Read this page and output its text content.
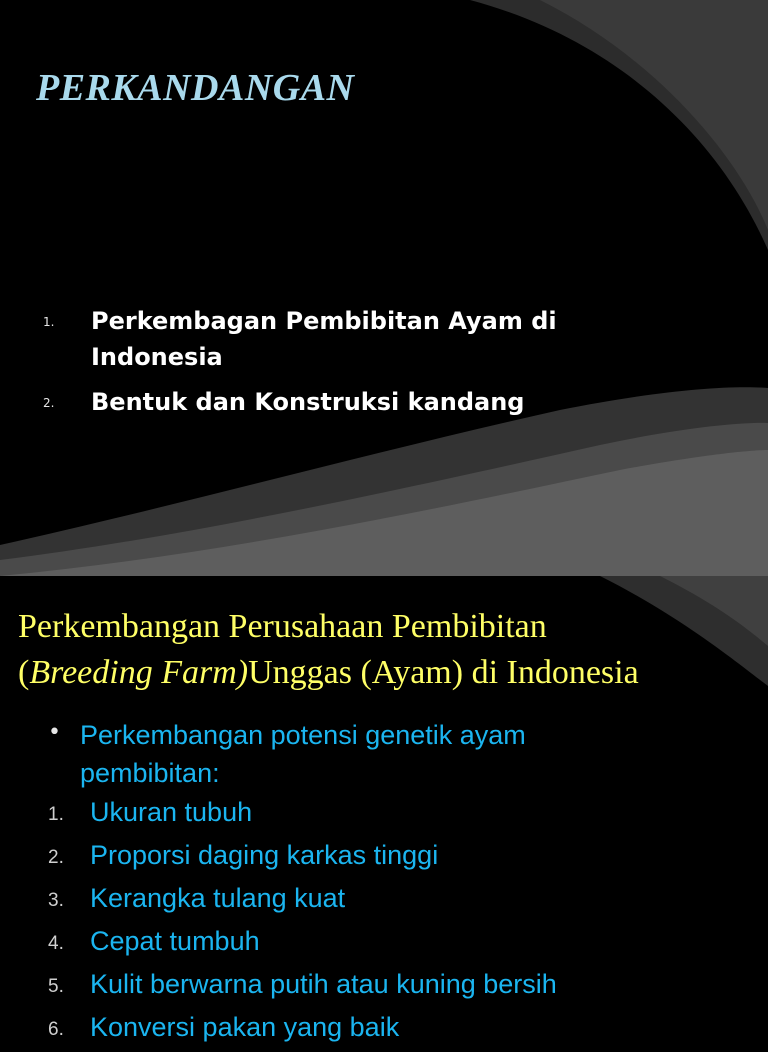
PERKANDANGAN
1. Perkembagan Pembibitan Ayam di Indonesia
2. Bentuk dan Konstruksi kandang
Perkembangan Perusahaan Pembibitan
(Breeding Farm)Unggas (Ayam) di Indonesia
• Perkembangan potensi genetik ayam pembibitan:
1. Ukuran tubuh
2. Proporsi daging karkas tinggi
3. Kerangka tulang kuat
4. Cepat tumbuh
5. Kulit berwarna putih atau kuning bersih
6. Konversi pakan yang baik
